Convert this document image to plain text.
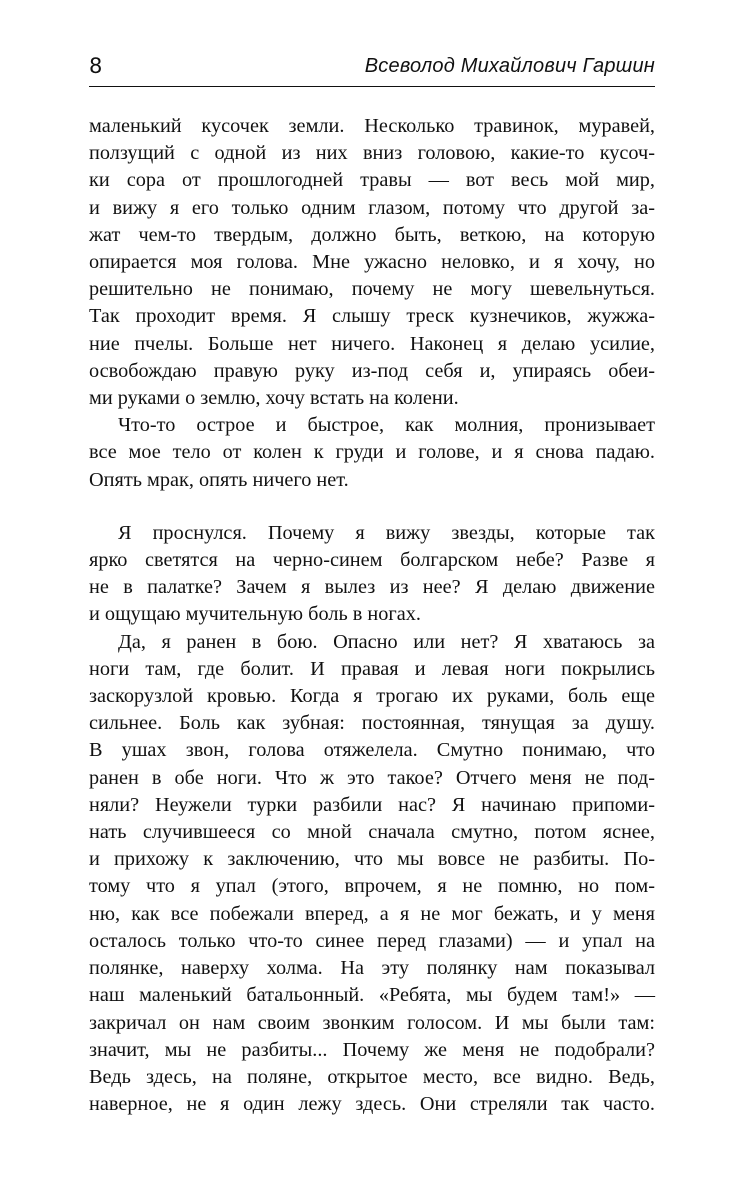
8	Всеволод Михайлович Гаршин
маленький кусочек земли. Несколько травинок, муравей,
ползущий с одной из них вниз головою, какие-то кусоч-
ки сора от прошлогодней травы — вот весь мой мир,
и вижу я его только одним глазом, потому что другой за-
жат чем-то твердым, должно быть, веткою, на которую
опирается моя голова. Мне ужасно неловко, и я хочу, но
решительно не понимаю, почему не могу шевельнуться.
Так проходит время. Я слышу треск кузнечиков, жужжа-
ние пчелы. Больше нет ничего. Наконец я делаю усилие,
освобождаю правую руку из-под себя и, упираясь обеи-
ми руками о землю, хочу встать на колени.
Что-то острое и быстрое, как молния, пронизывает
все мое тело от колен к груди и голове, и я снова падаю.
Опять мрак, опять ничего нет.
Я проснулся. Почему я вижу звезды, которые так
ярко светятся на черно-синем болгарском небе? Разве я
не в палатке? Зачем я вылез из нее? Я делаю движение
и ощущаю мучительную боль в ногах.
Да, я ранен в бою. Опасно или нет? Я хватаюсь за
ноги там, где болит. И правая и левая ноги покрылись
заскорузлой кровью. Когда я трогаю их руками, боль еще
сильнее. Боль как зубная: постоянная, тянущая за душу.
В ушах звон, голова отяжелела. Смутно понимаю, что
ранен в обе ноги. Что ж это такое? Отчего меня не под-
няли? Неужели турки разбили нас? Я начинаю припоми-
нать случившееся со мной сначала смутно, потом яснее,
и прихожу к заключению, что мы вовсе не разбиты. По-
тому что я упал (этого, впрочем, я не помню, но пом-
ню, как все побежали вперед, а я не мог бежать, и у меня
осталось только что-то синее перед глазами) — и упал на
полянке, наверху холма. На эту полянку нам показывал
наш маленький батальонный. «Ребята, мы будем там!» —
закричал он нам своим звонким голосом. И мы были там:
значит, мы не разбиты... Почему же меня не подобрали?
Ведь здесь, на поляне, открытое место, все видно. Ведь,
наверное, не я один лежу здесь. Они стреляли так часто.
